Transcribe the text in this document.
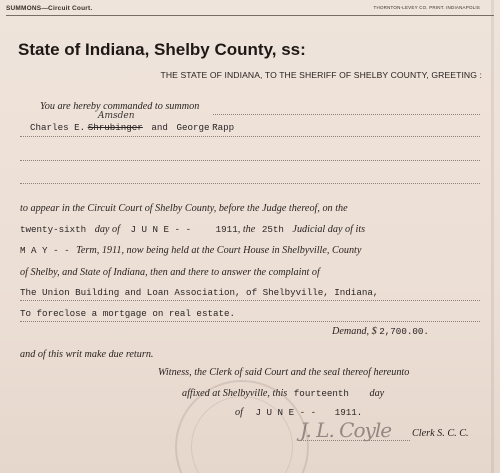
SUMMONS—Circuit Court.	THORNTON-LEVEY CO. PRINT. INDIANAPOLIS
State of Indiana, Shelby County, ss:
THE STATE OF INDIANA, TO THE SHERIFF OF SHELBY COUNTY, GREETING :
You are hereby commanded to summon
Charles E. Shrubinger and George Rapp
Amsden
to appear in the Circuit Court of Shelby County, before the Judge thereof, on the
twenty-sixth day of J U N E - -	1911, the 25th Judicial day of its
M A Y - - Term, 1911, now being held at the Court House in Shelbyville, County
of Shelby, and State of Indiana, then and there to answer the complaint of
The Union Building and Loan Association, of Shelbyville, Indiana,
To foreclose a mortgage on real estate.
Demand, $ 2,700.00.
and of this writ make due return.
Witness, the Clerk of said Court and the seal thereof hereunto
affixed at Shelbyville, this fourteenth day
of J U N E - - 1911.
J. L. Coyle Clerk S. C. C.
